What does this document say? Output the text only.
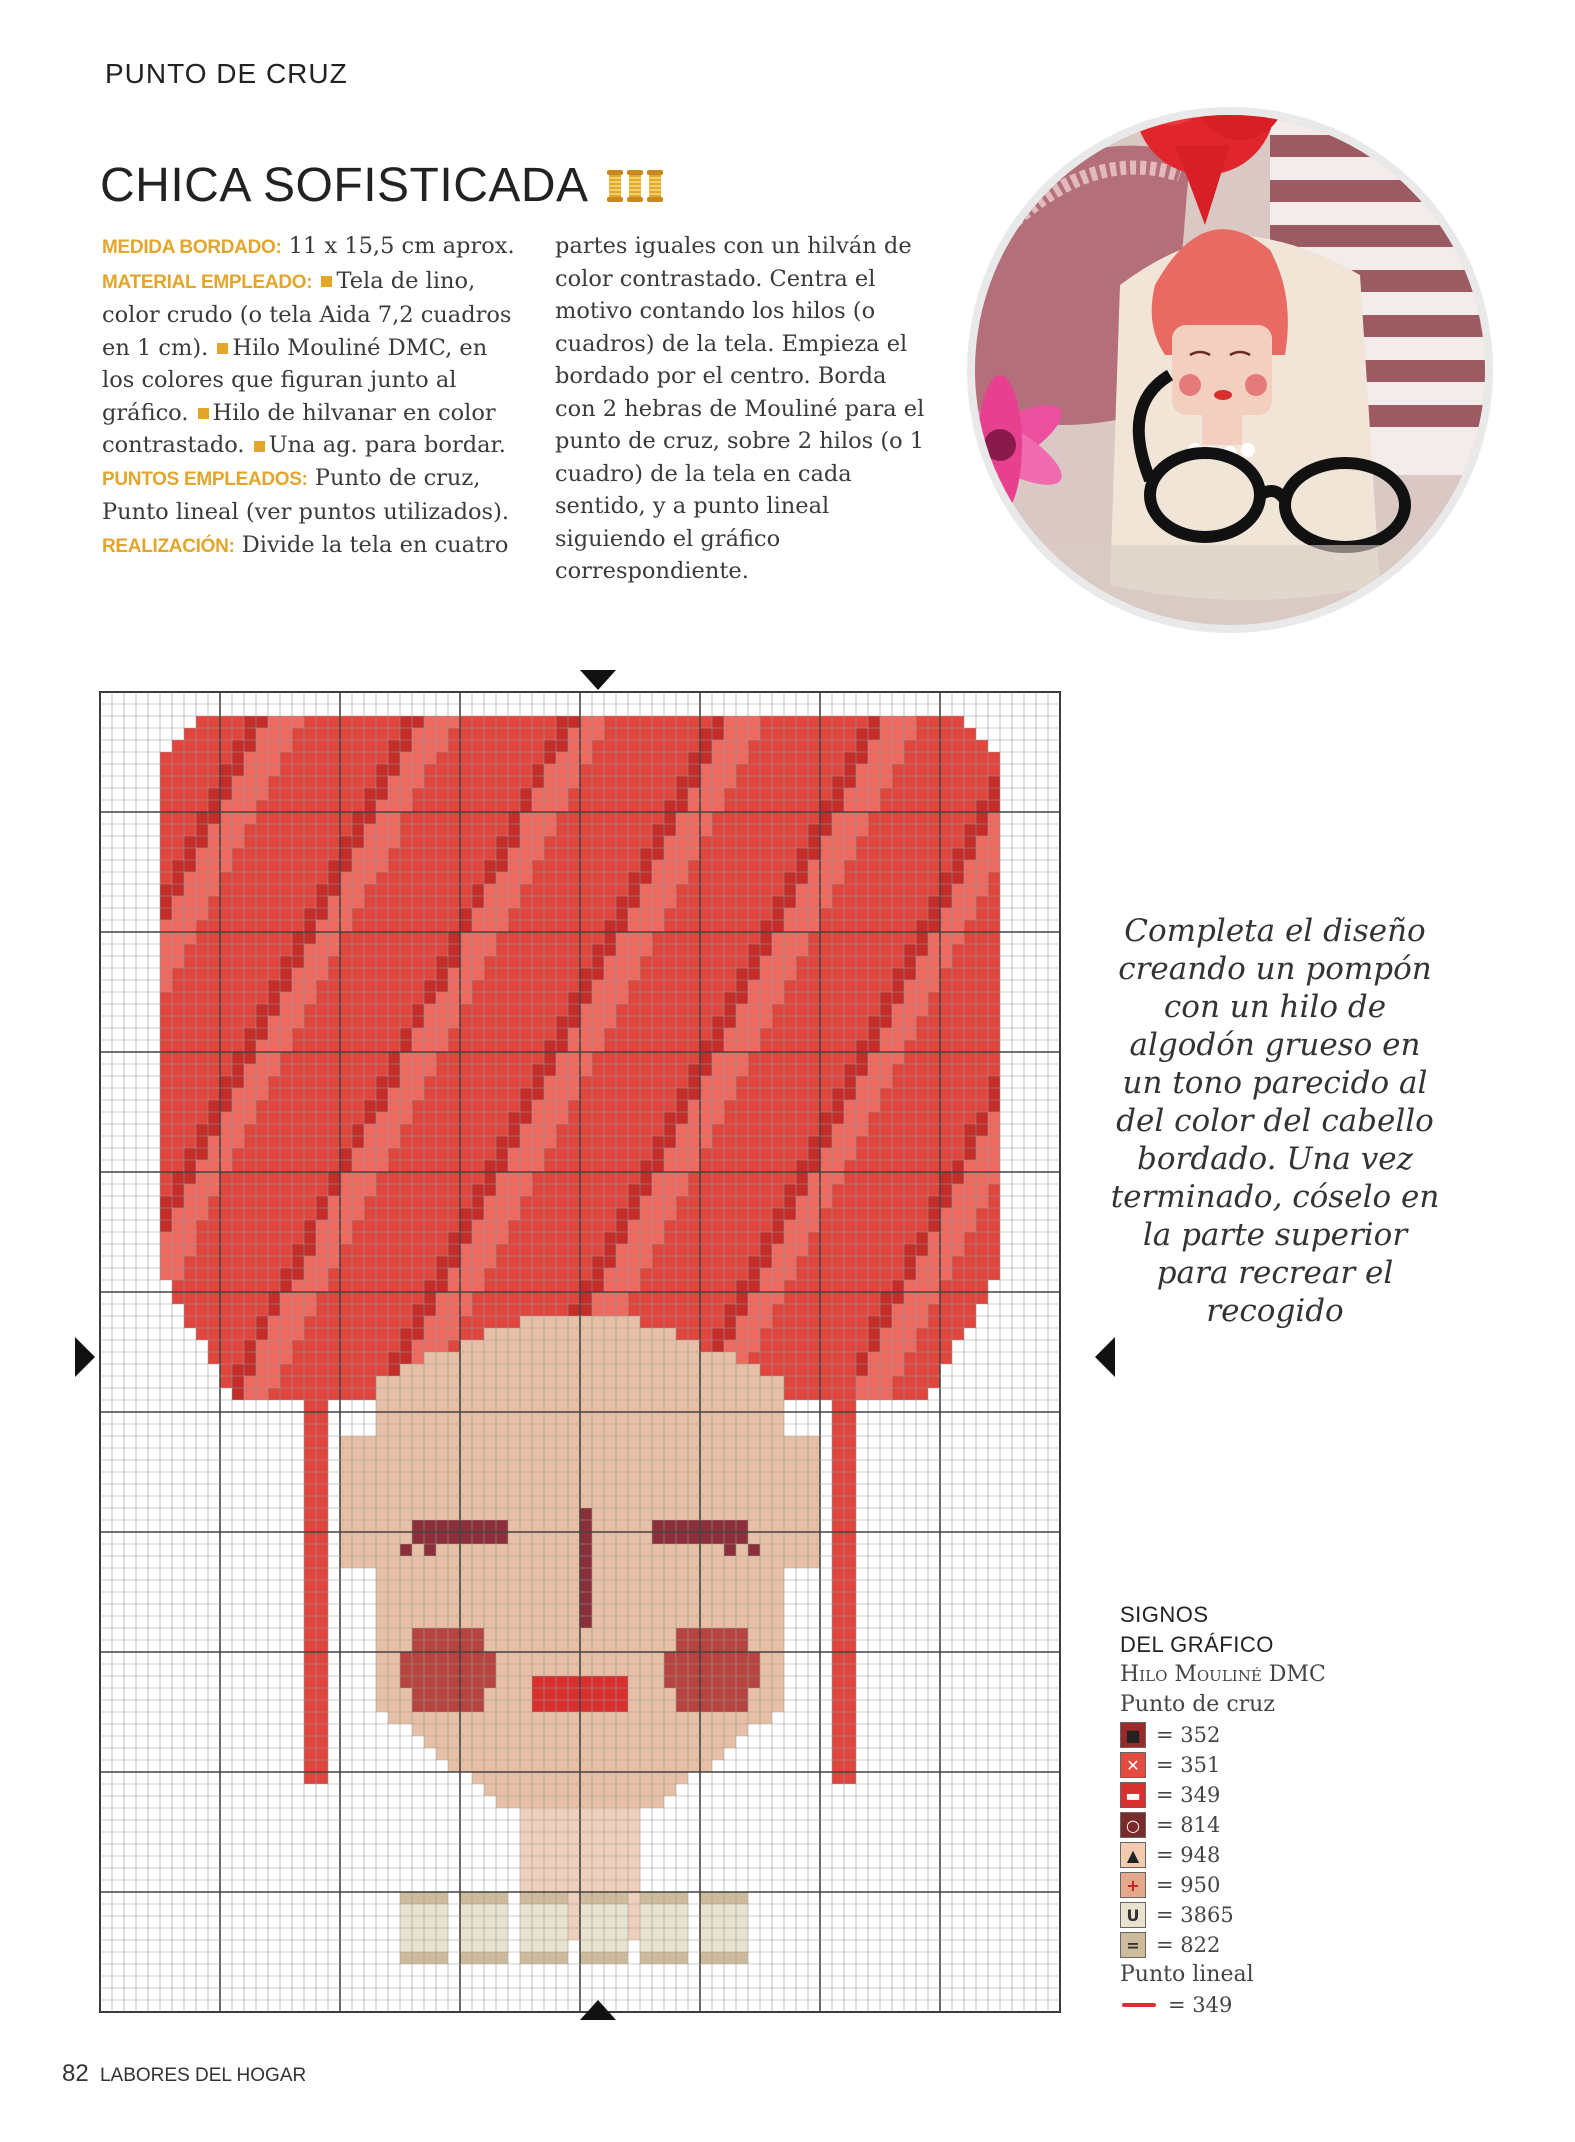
PUNTO DE CRUZ
CHICA SOFISTICADA
MEDIDA BORDADO: 11 x 15,5 cm aprox.
MATERIAL EMPLEADO: Tela de lino, color crudo (o tela Aida 7,2 cuadros en 1 cm). Hilo Mouliné DMC, en los colores que figuran junto al gráfico. Hilo de hilvanar en color contrastado. Una ag. para bordar.
PUNTOS EMPLEADOS: Punto de cruz, Punto lineal (ver puntos utilizados).
REALIZACIÓN: Divide la tela en cuatro
partes iguales con un hilván de color contrastado. Centra el motivo contando los hilos (o cuadros) de la tela. Empieza el bordado por el centro. Borda con 2 hebras de Mouliné para el punto de cruz, sobre 2 hilos (o 1 cuadro) de la tela en cada sentido, y a punto lineal siguiendo el gráfico correspondiente.
Completa el diseño creando un pompón con un hilo de algodón grueso en un tono parecido al del color del cabello bordado. Una vez terminado, cóselo en la parte superior para recrear el recogido
SIGNOS
DEL GRÁFICO
Hilo Mouliné DMC
Punto de cruz
■ = 352
✕ = 351
▬ = 349
○ = 814
▲ = 948
+ = 950
U = 3865
= = 822
Punto lineal
= 349
82 LABORES DEL HOGAR
